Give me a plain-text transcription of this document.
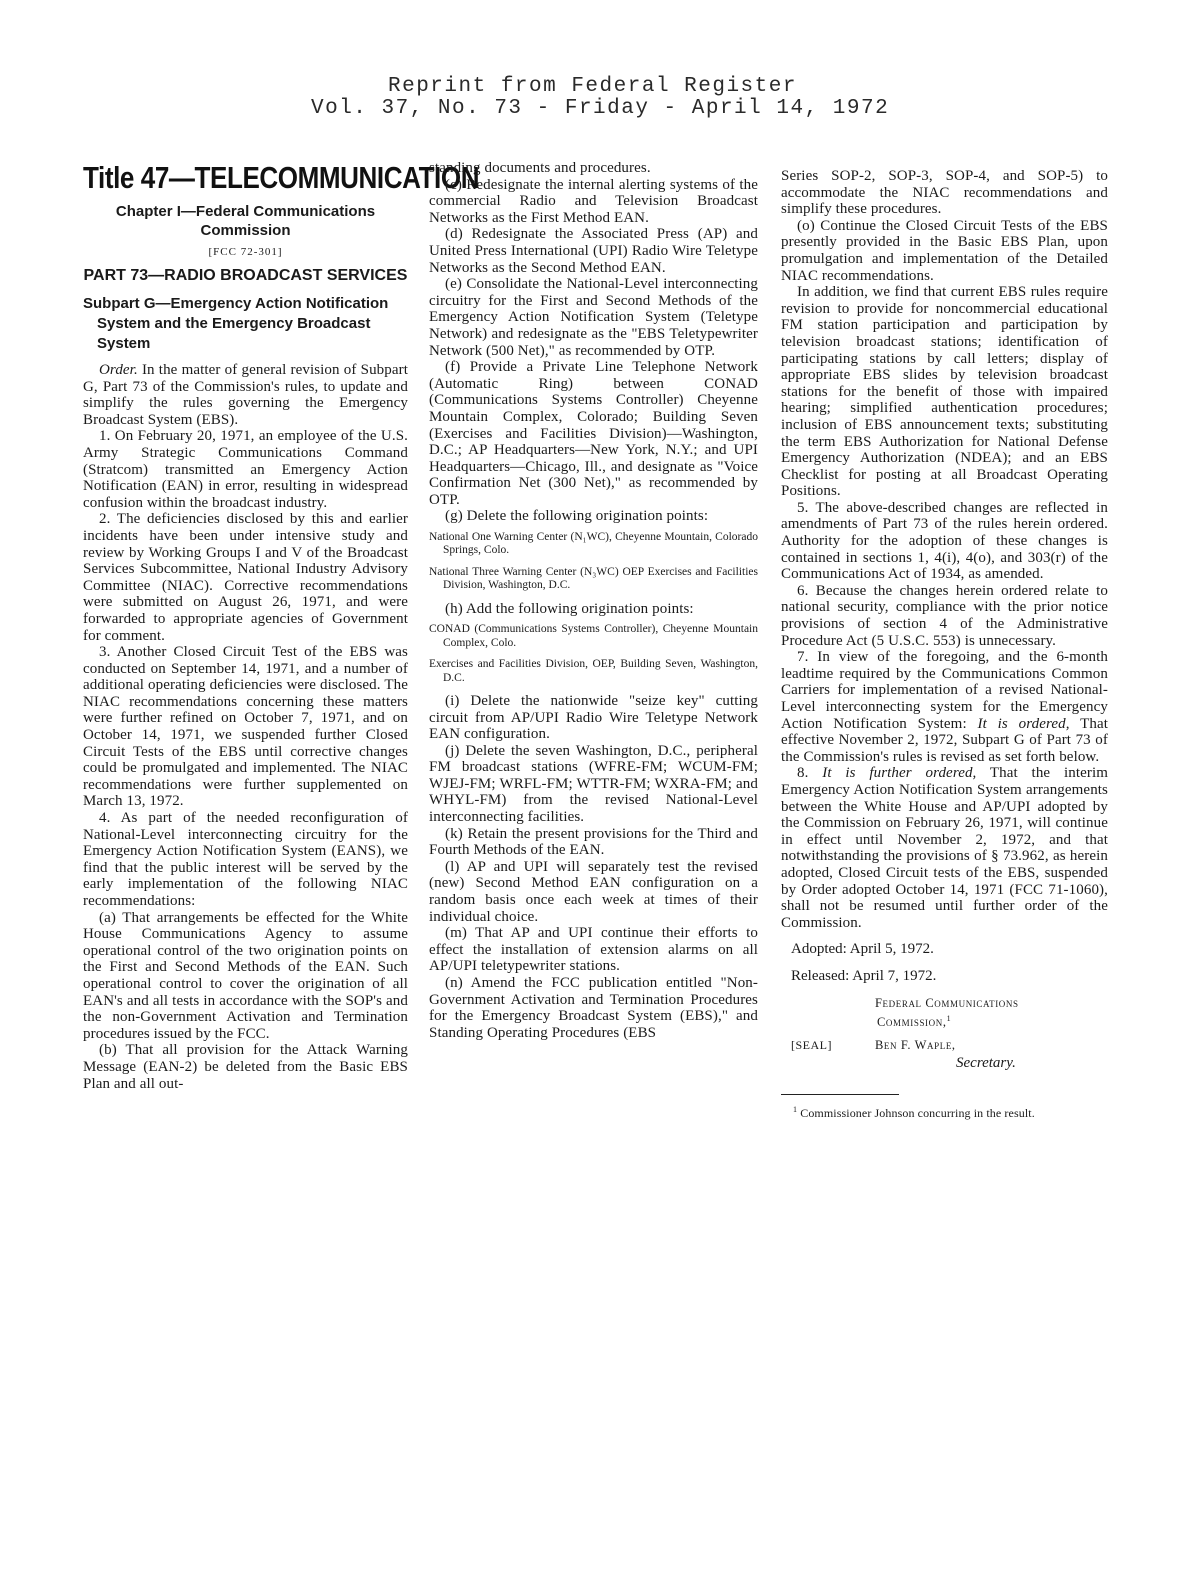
Reprint from Federal Register
Vol. 37, No. 73 - Friday - April 14, 1972
Title 47—TELECOMMUNICATION
Chapter I—Federal Communications Commission
[FCC 72-301]
PART 73—RADIO BROADCAST SERVICES
Subpart G—Emergency Action Notification System and the Emergency Broadcast System

Order. In the matter of general revision of Subpart G, Part 73 of the Commission's rules, to update and simplify the rules governing the Emergency Broadcast System (EBS).

1. On February 20, 1971, an employee of the U.S. Army Strategic Communications Command (Stratcom) transmitted an Emergency Action Notification (EAN) in error, resulting in widespread confusion within the broadcast industry.

2. The deficiencies disclosed by this and earlier incidents have been under intensive study and review by Working Groups I and V of the Broadcast Services Subcommittee, National Industry Advisory Committee (NIAC). Corrective recommendations were submitted on August 26, 1971, and were forwarded to appropriate agencies of Government for comment.

3. Another Closed Circuit Test of the EBS was conducted on September 14, 1971, and a number of additional operating deficiencies were disclosed. The NIAC recommendations concerning these matters were further refined on October 7, 1971, and on October 14, 1971, we suspended further Closed Circuit Tests of the EBS until corrective changes could be promulgated and implemented. The NIAC recommendations were further supplemented on March 13, 1972.

4. As part of the needed reconfiguration of National-Level interconnecting circuitry for the Emergency Action Notification System (EANS), we find that the public interest will be served by the early implementation of the following NIAC recommendations:

(a) That arrangements be effected for the White House Communications Agency to assume operational control of the two origination points on the First and Second Methods of the EAN. Such operational control to cover the origination of all EAN's and all tests in accordance with the SOP's and the non-Government Activation and Termination procedures issued by the FCC.

(b) That all provision for the Attack Warning Message (EAN-2) be deleted from the Basic EBS Plan and all out-

standing documents and procedures.

(c) Redesignate the internal alerting systems of the commercial Radio and Television Broadcast Networks as the First Method EAN.

(d) Redesignate the Associated Press (AP) and United Press International (UPI) Radio Wire Teletype Networks as the Second Method EAN.

(e) Consolidate the National-Level interconnecting circuitry for the First and Second Methods of the Emergency Action Notification System (Teletype Network) and redesignate as the "EBS Teletypewriter Network (500 Net)," as recommended by OTP.

(f) Provide a Private Line Telephone Network (Automatic Ring) between CONAD (Communications Systems Controller) Cheyenne Mountain Complex, Colorado; Building Seven (Exercises and Facilities Division)—Washington, D.C.; AP Headquarters—New York, N.Y.; and UPI Headquarters—Chicago, Ill., and designate as "Voice Confirmation Net (300 Net)," as recommended by OTP.

(g) Delete the following origination points:

National One Warning Center (N₁WC), Cheyenne Mountain, Colorado Springs, Colo.
National Three Warning Center (N₃WC) OEP Exercises and Facilities Division, Washington, D.C.

(h) Add the following origination points:

CONAD (Communications Systems Controller), Cheyenne Mountain Complex, Colo.
Exercises and Facilities Division, OEP, Building Seven, Washington, D.C.

(i) Delete the nationwide "seize key" cutting circuit from AP/UPI Radio Wire Teletype Network EAN configuration.

(j) Delete the seven Washington, D.C., peripheral FM broadcast stations (WFRE-FM; WCUM-FM; WJEJ-FM; WRFL-FM; WTTR-FM; WXRA-FM; and WHYL-FM) from the revised National-Level interconnecting facilities.

(k) Retain the present provisions for the Third and Fourth Methods of the EAN.

(l) AP and UPI will separately test the revised (new) Second Method EAN configuration on a random basis once each week at times of their individual choice.

(m) That AP and UPI continue their efforts to effect the installation of extension alarms on all AP/UPI teletypewriter stations.

(n) Amend the FCC publication entitled "Non-Government Activation and Termination Procedures for the Emergency Broadcast System (EBS)," and Standing Operating Procedures (EBS

Series SOP-2, SOP-3, SOP-4, and SOP-5) to accommodate the NIAC recommendations and simplify these procedures.

(o) Continue the Closed Circuit Tests of the EBS presently provided in the Basic EBS Plan, upon promulgation and implementation of the Detailed NIAC recommendations.

In addition, we find that current EBS rules require revision to provide for noncommercial educational FM station participation and participation by television broadcast stations; identification of participating stations by call letters; display of appropriate EBS slides by television broadcast stations for the benefit of those with impaired hearing; simplified authentication procedures; inclusion of EBS announcement texts; substituting the term EBS Authorization for National Defense Emergency Authorization (NDEA); and an EBS Checklist for posting at all Broadcast Operating Positions.

5. The above-described changes are reflected in amendments of Part 73 of the rules herein ordered. Authority for the adoption of these changes is contained in sections 1, 4(i), 4(o), and 303(r) of the Communications Act of 1934, as amended.

6. Because the changes herein ordered relate to national security, compliance with the prior notice provisions of section 4 of the Administrative Procedure Act (5 U.S.C. 553) is unnecessary.

7. In view of the foregoing, and the 6-month leadtime required by the Communications Common Carriers for implementation of a revised National-Level interconnecting system for the Emergency Action Notification System: It is ordered, That effective November 2, 1972, Subpart G of Part 73 of the Commission's rules is revised as set forth below.

8. It is further ordered, That the interim Emergency Action Notification System arrangements between the White House and AP/UPI adopted by the Commission on February 26, 1971, will continue in effect until November 2, 1972, and that notwithstanding the provisions of § 73.962, as herein adopted, Closed Circuit tests of the EBS, suspended by Order adopted October 14, 1971 (FCC 71-1060), shall not be resumed until further order of the Commission.

Adopted: April 5, 1972.
Released: April 7, 1972.
Federal Communications
Commission,$^1$
[SEAL]	Ben F. Waple,
Secretary.

$^1$ Commissioner Johnson concurring in the result.
